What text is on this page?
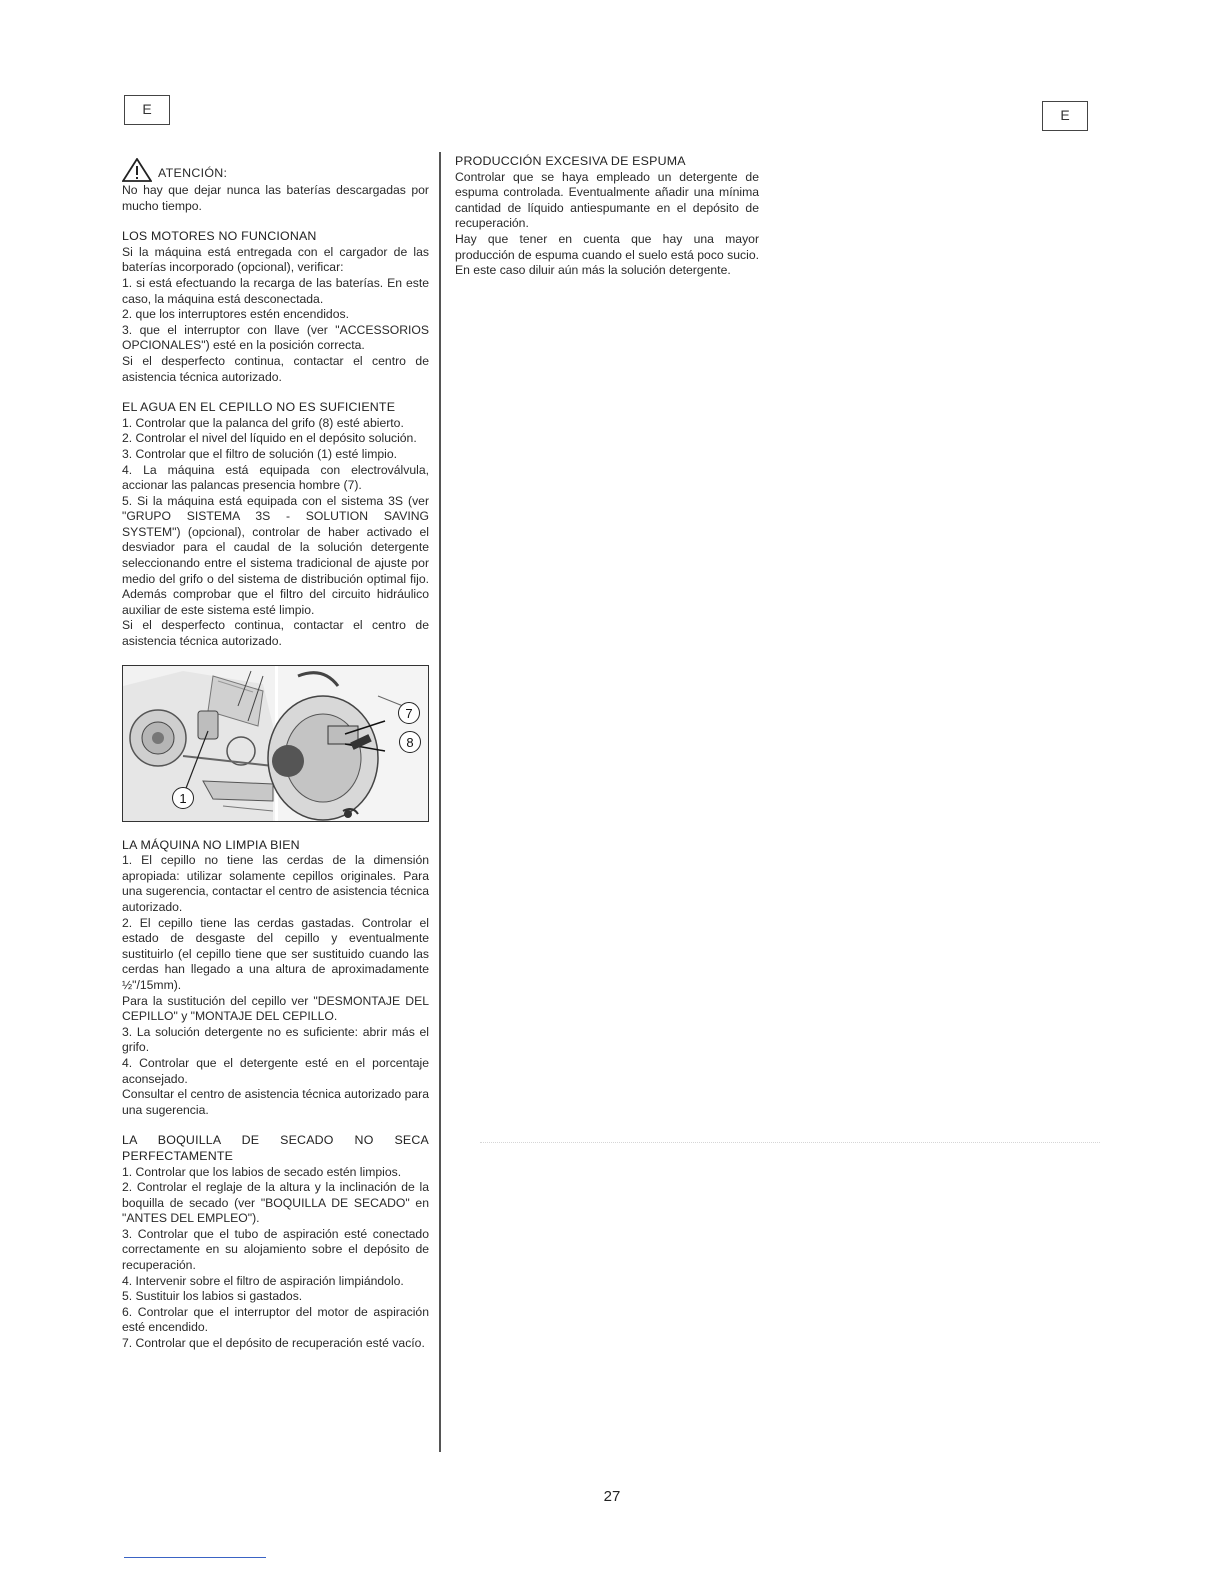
E	E
ATENCIÓN:

No hay que dejar nunca las baterías descargadas por mucho tiempo.

LOS MOTORES NO FUNCIONAN

Si la máquina está entregada con el cargador de las baterías incorporado (opcional), verificar:

1. si está efectuando la recarga de las baterías. En este caso, la máquina está desconectada.

2. que los interruptores estén encendidos.

3. que el interruptor con llave (ver "ACCESSORIOS OPCIONALES") esté en la posición correcta.

Si el desperfecto continua, contactar el centro de asistencia técnica autorizado.

EL AGUA EN EL CEPILLO NO ES SUFICIENTE

1. Controlar que la palanca del grifo (8) esté abierto.

2. Controlar el nivel del líquido en el depósito solución.

3. Controlar que el filtro de solución (1) esté limpio.

4. La máquina está equipada con electroválvula, accionar las palancas presencia hombre (7).

5. Si la máquina está equipada con el sistema 3S (ver "GRUPO SISTEMA 3S - SOLUTION SAVING SYSTEM") (opcional), controlar de haber activado el desviador para el caudal de la solución detergente seleccionando entre el sistema tradicional de ajuste por medio del grifo o del sistema de distribución optimal fijo. Además comprobar que el filtro del circuito hidráulico auxiliar de este sistema esté limpio.

Si el desperfecto continua, contactar el centro de asistencia técnica autorizado.

7
8
1

LA MÁQUINA NO LIMPIA BIEN

1. El cepillo no tiene las cerdas de la dimensión apropiada: utilizar solamente cepillos originales. Para una sugerencia, contactar el centro de asistencia técnica autorizado.

2. El cepillo tiene las cerdas gastadas. Controlar el estado de desgaste del cepillo y eventualmente sustituirlo (el cepillo tiene que ser sustituido cuando las cerdas han llegado a una altura de aproximadamente ½"/15mm).

Para la sustitución del cepillo ver "DESMONTAJE DEL CEPILLO" y "MONTAJE DEL CEPILLO.

3. La solución detergente no es suficiente: abrir más el grifo.

4. Controlar que el detergente esté en el porcentaje aconsejado.

Consultar el centro de asistencia técnica autorizado para una sugerencia.

LA BOQUILLA DE SECADO NO SECA PERFECTAMENTE

1. Controlar que los labios de secado estén limpios.

2. Controlar el reglaje de la altura y la inclinación de la boquilla de secado (ver "BOQUILLA DE SECADO" en "ANTES DEL EMPLEO").

3. Controlar que el tubo de aspiración esté conectado correctamente en su alojamiento sobre el depósito de recuperación.

4. Intervenir sobre el filtro de aspiración limpiándolo.

5. Sustituir los labios si gastados.

6. Controlar que el interruptor del motor de aspiración esté encendido.

7. Controlar que el depósito de recuperación esté vacío.

PRODUCCIÓN EXCESIVA DE ESPUMA

Controlar que se haya empleado un detergente de espuma controlada. Eventualmente añadir una mínima cantidad de líquido antiespumante en el depósito de recuperación.

Hay que tener en cuenta que hay una mayor producción de espuma cuando el suelo está poco sucio. En este caso diluir aún más la solución detergente.

27
